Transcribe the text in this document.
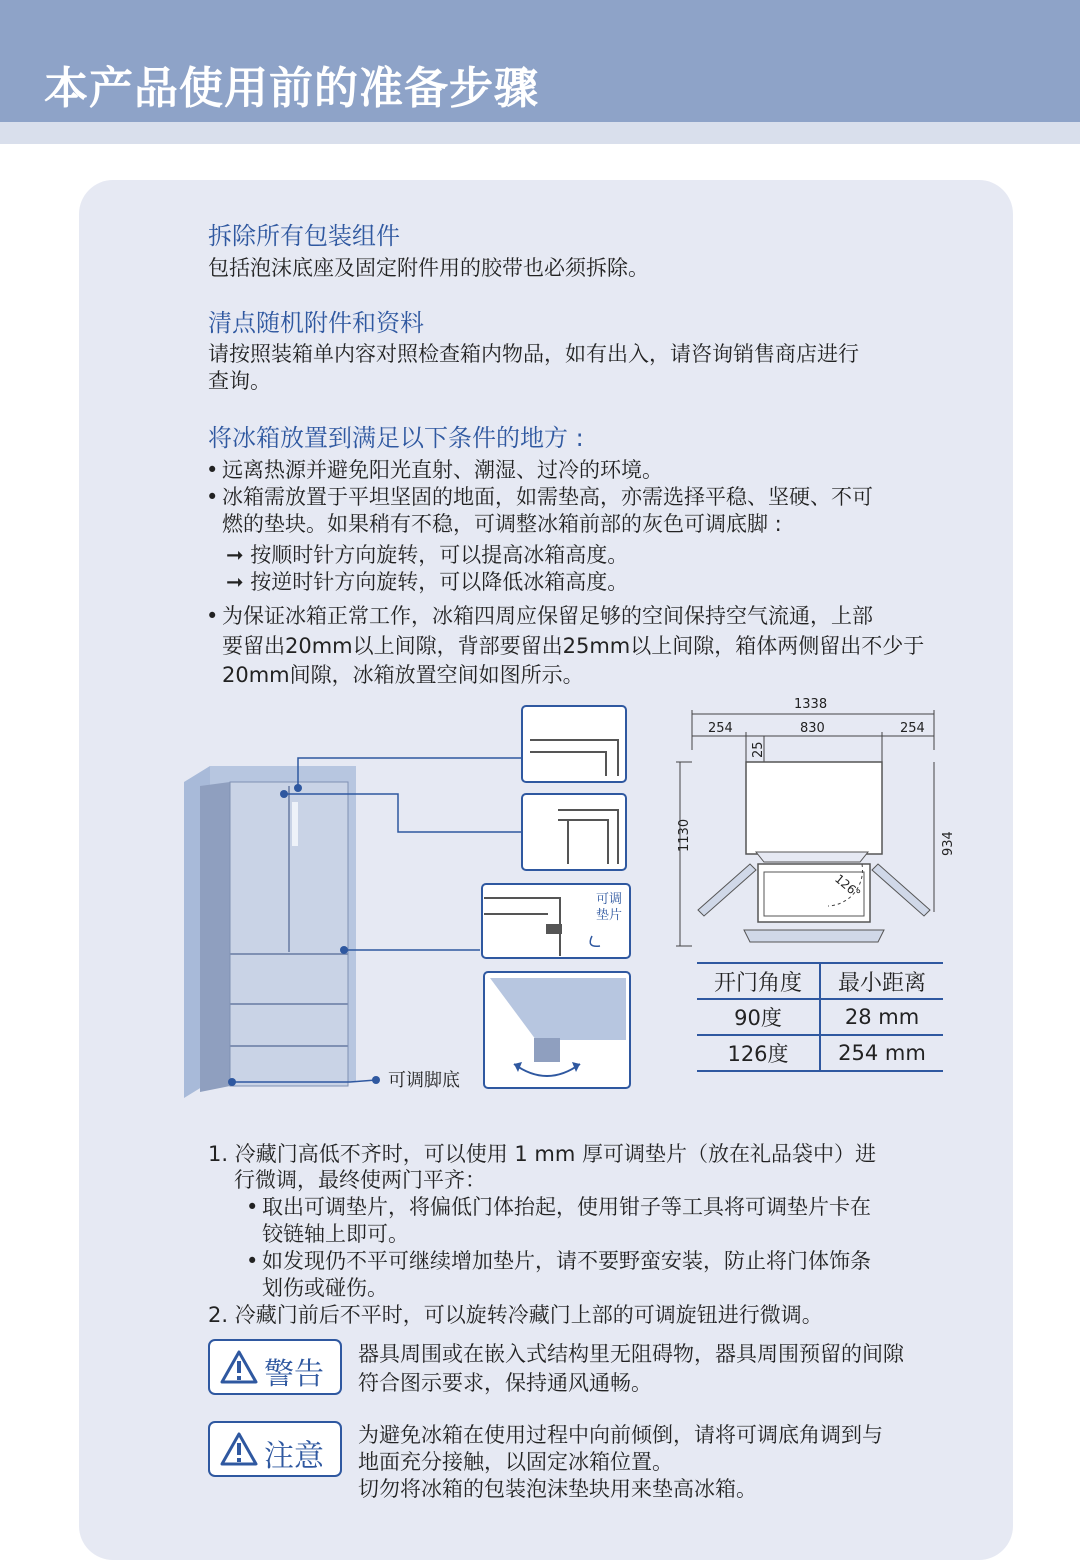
本产品使用前的准备步骤
拆除所有包装组件
包括泡沫底座及固定附件用的胶带也必须拆除。
清点随机附件和资料
请按照装箱单内容对照检查箱内物品，如有出入，请咨询销售商店进行
查询。
将冰箱放置到满足以下条件的地方 :
• 远离热源并避免阳光直射、潮湿、过冷的环境。
• 冰箱需放置于平坦坚固的地面，如需垫高，亦需选择平稳、坚硬、不可
燃的垫块。如果稍有不稳，可调整冰箱前部的灰色可调底脚 :
➞ 按顺时针方向旋转，可以提高冰箱高度。
➞ 按逆时针方向旋转，可以降低冰箱高度。
• 为保证冰箱正常工作，冰箱四周应保留足够的空间保持空气流通，上部
要留出20mm以上间隙，背部要留出25mm以上间隙，箱体两侧留出不少于
20mm间隙，冰箱放置空间如图所示。
可调
垫片
可调脚底
1338
254	830	254
25
1130	934
126°
开门角度	最小距离
90度	28 mm
126度	254 mm
1. 冷藏门高低不齐时，可以使用 1 mm 厚可调垫片（放在礼品袋中）进
行微调，最终使两门平齐：
• 取出可调垫片，将偏低门体抬起，使用钳子等工具将可调垫片卡在
铰链轴上即可。
• 如发现仍不平可继续增加垫片，请不要野蛮安装，防止将门体饰条
划伤或碰伤。
2. 冷藏门前后不平时，可以旋转冷藏门上部的可调旋钮进行微调。
警告
器具周围或在嵌入式结构里无阻碍物，器具周围预留的间隙
符合图示要求，保持通风通畅。
注意
为避免冰箱在使用过程中向前倾倒，请将可调底角调到与
地面充分接触，以固定冰箱位置。
切勿将冰箱的包装泡沫垫块用来垫高冰箱。
